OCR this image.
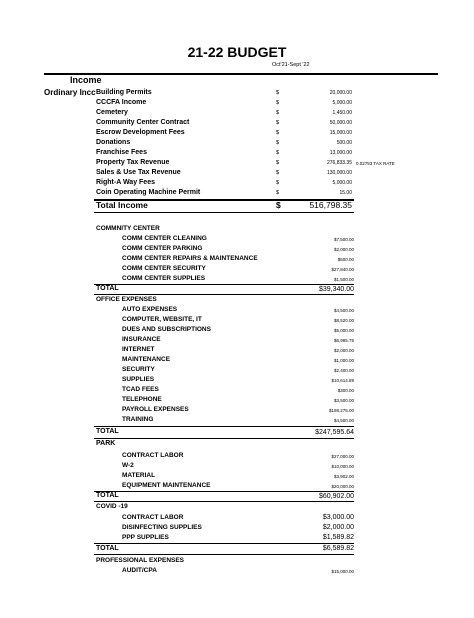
21-22 BUDGET
Oct'21-Sept '22
Income
Ordinary Incc Building Permits	$	20,000.00
CCCFA Income	$	5,000.00
Cemetery	$	1,450.00
Community Center Contract	$	50,000.00
Escrow Development Fees	$	15,000.00
Donations	$	500.00
Franchise Fees	$	13,000.00
Property Tax Revenue	$	276,833.35 0.02753 TAX RATE
Sales & Use Tax Revenue	$	130,000.00
Right-A Way Fees	$	5,000.00
Coin Operating Machine Permit	$	15.00
Total Income	$	516,798.35
COMMNITY CENTER
COMM CENTER CLEANING	$7,500.00
COMM CENTER PARKING	$2,000.00
COMM CENTER REPAIRS & MAINTENANCE	$500.00
COMM CENTER SECURITY	$27,840.00
COMM CENTER SUPPLIES	$1,500.00
TOTAL	$39,340.00
OFFICE EXPENSES
AUTO EXPENSES	$4,500.00
COMPUTER, WEBSITE, IT	$8,520.00
DUES AND SUBSCRIPTIONS	$5,000.00
INSURANCE	$6,985.75
INTERNET	$2,000.00
MAINTENANCE	$1,000.00
SECURITY	$2,400.00
SUPPLIES	$10,614.89
TCAD FEES	$300.00
TELEPHONE	$3,500.00
PAYROLL EXPENSES	$198,275.00
TRAINING	$4,500.00
TOTAL	$247,595.64
PARK
CONTRACT LABOR	$27,000.00
W-2	$10,000.00
MATERIAL	$3,902.00
EQUIPMENT MAINTENANCE	$20,000.00
TOTAL	$60,902.00
COVID -19
CONTRACT LABOR	$3,000.00
DISINFECTING SUPPLIES	$2,000.00
PPP SUPPLIES	$1,589.82
TOTAL	$6,589.82
PROFESSIONAL EXPENSES
AUDIT/CPA	$15,000.00
